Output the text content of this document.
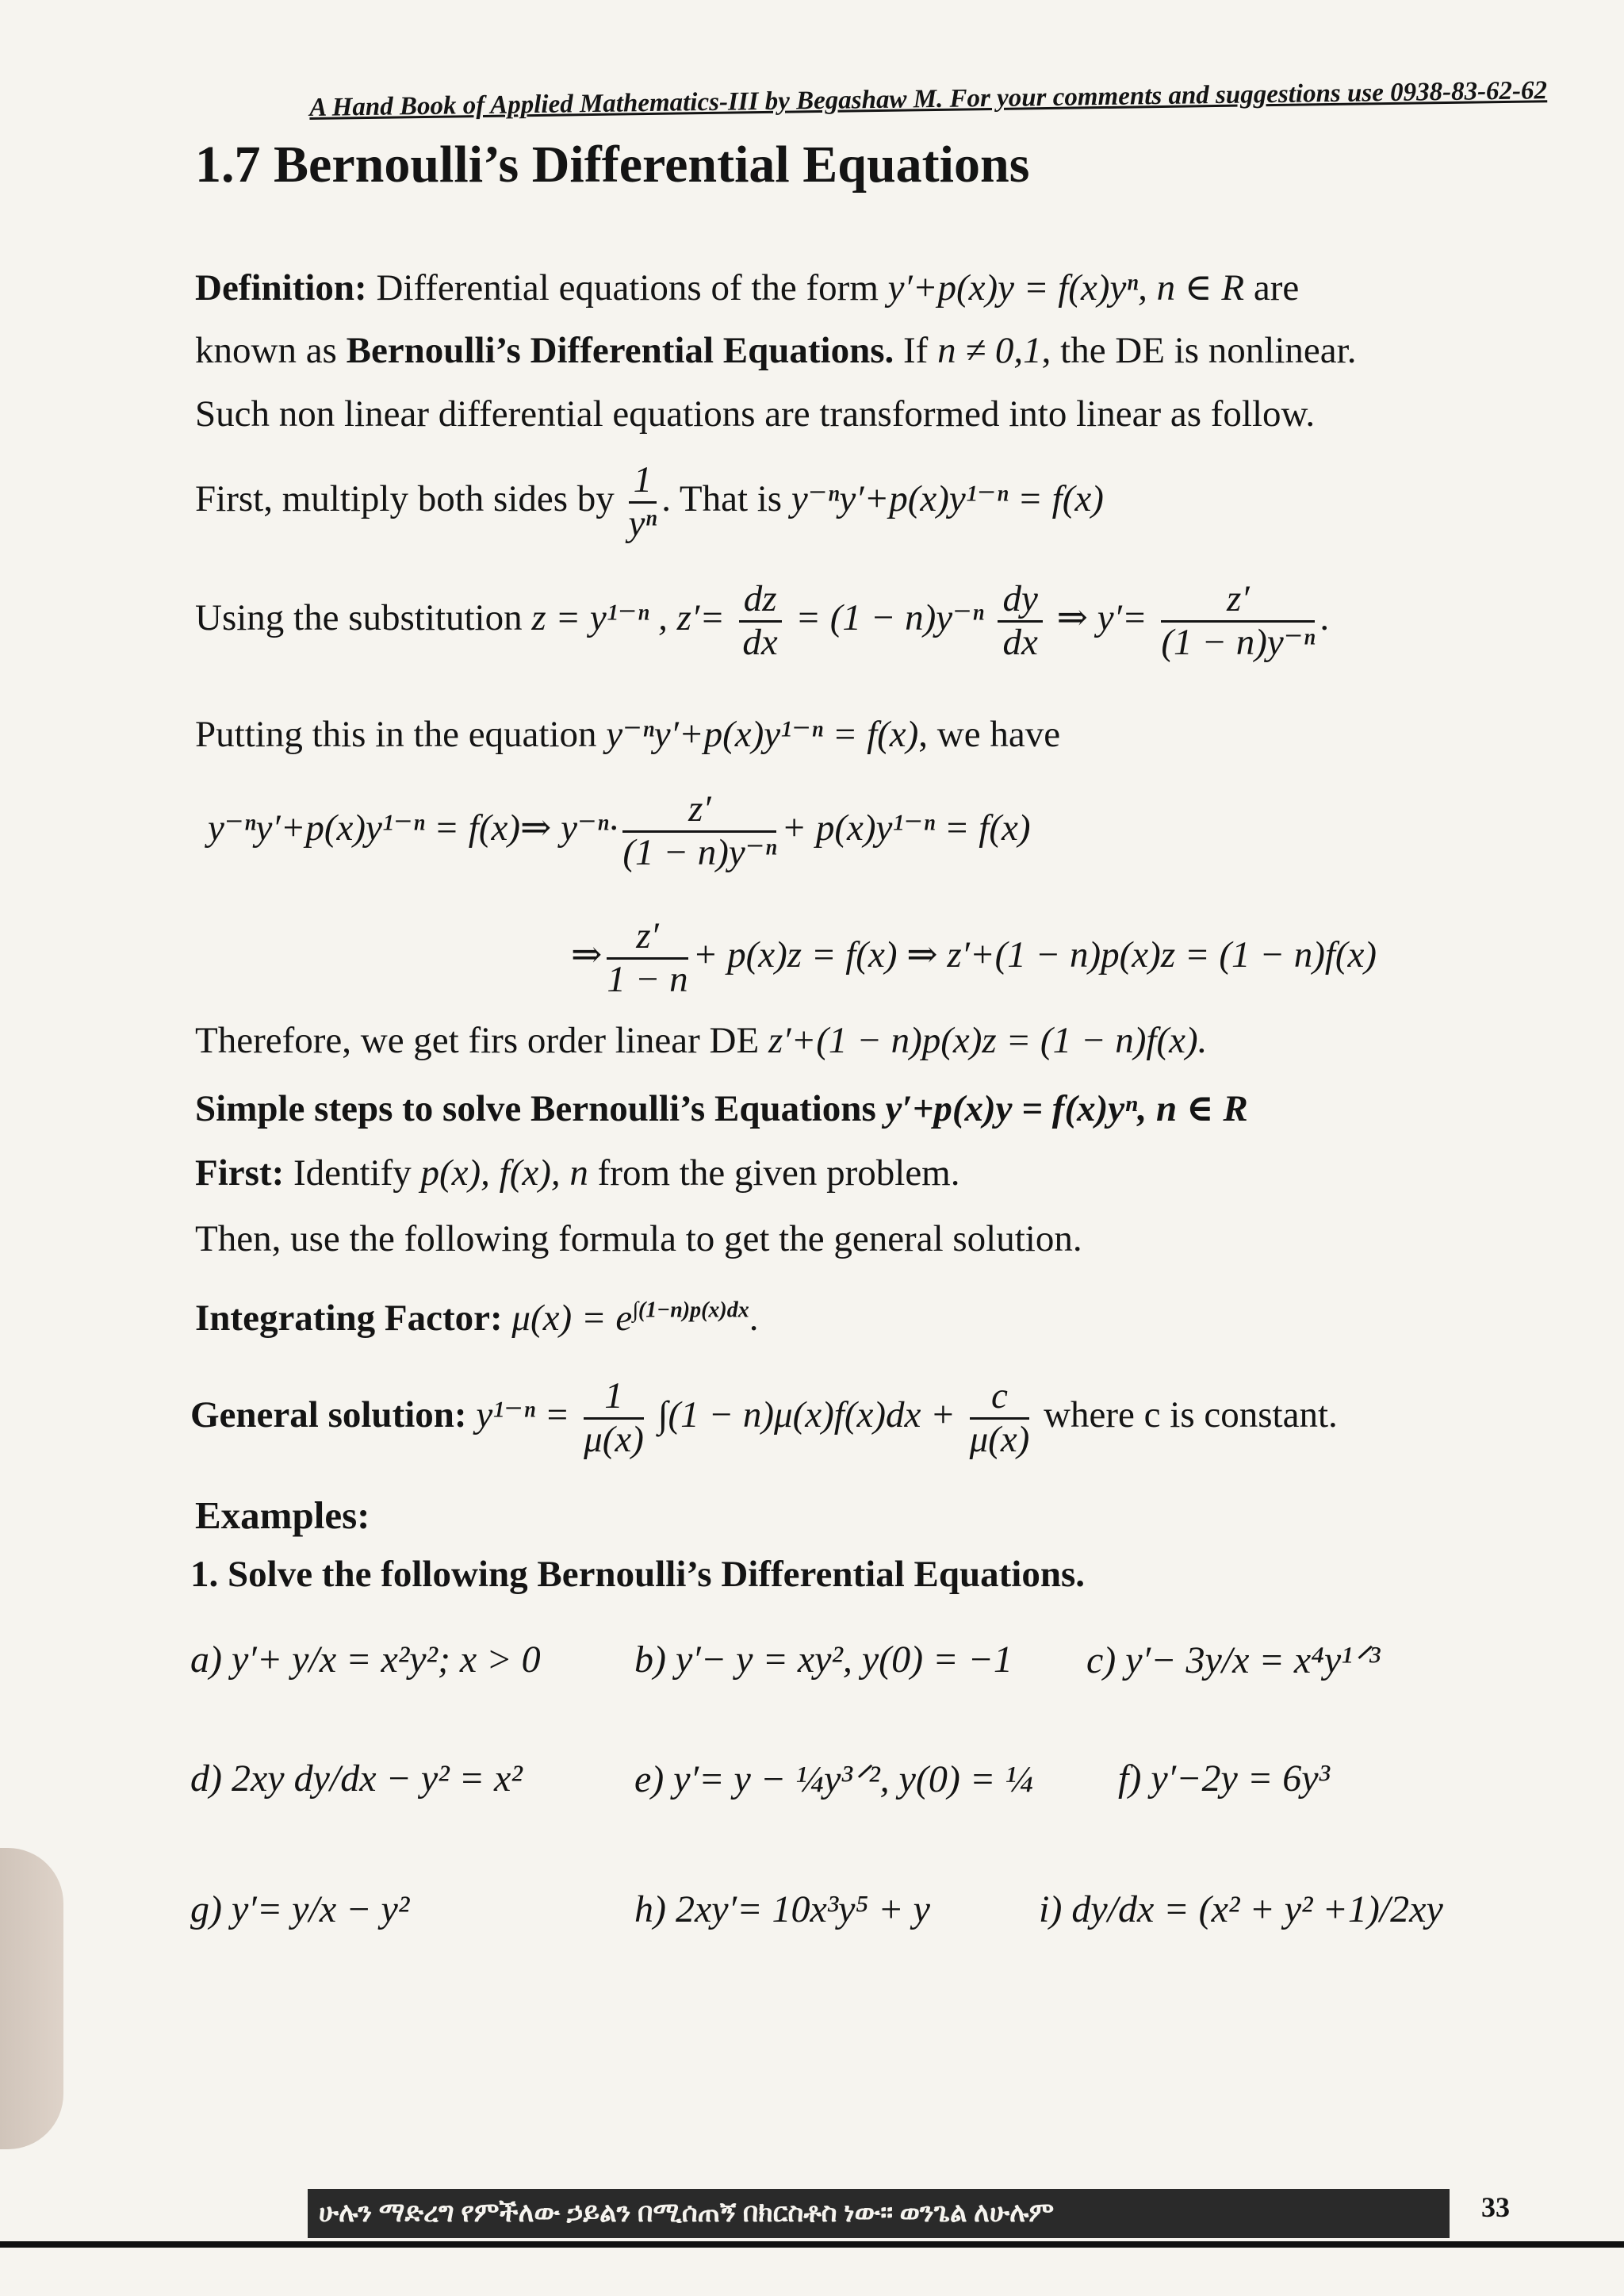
A Hand Book of Applied Mathematics-III by Begashaw M. For your comments and suggestions use 0938-83-62-62
1.7 Bernoulli’s Differential Equations
Definition: Differential equations of the form y′+p(x)y = f(x)yⁿ, n ∈ R are
known as Bernoulli’s Differential Equations. If n ≠ 0,1, the DE is nonlinear.
Such non linear differential equations are transformed into linear as follow.
First, multiply both sides by $\frac{1}{\text{yⁿ}}$ . That is y⁻ⁿy′+p(x)y¹⁻ⁿ = f(x)
Using the substitution z = y¹⁻ⁿ , $z'= \frac{dz}{dx} = (1 - n)y^{-n} \frac{dy}{dx}$ ⇒ $y'= \frac{z'}{\text{(1 − n)y⁻ⁿ}}$ .
Putting this in the equation y⁻ⁿy′+p(x)y¹⁻ⁿ = f(x), we have
y⁻ⁿy′+p(x)y¹⁻ⁿ = f(x)⇒ $y^{-n}\cdot \frac{z'}{\text{(1 − n)y⁻ⁿ}} + p(x)y^{1-n} = f(x)$
⇒ $\frac{z'}{1 - n} + p(x)z = f(x)$ ⇒ z′+(1 − n)p(x)z = (1 − n)f(x)
Therefore, we get firs order linear DE z′+(1 − n)p(x)z = (1 − n)f(x).
Simple steps to solve Bernoulli’s Equations y′+p(x)y = f(x)yⁿ, n ∈ R
First: Identify p(x), f(x), n from the given problem.
Then, use the following formula to get the general solution.
Integrating Factor: $\mu(x) = e^{\int(1-n)p(x)dx}$.
General solution: $y^{1-n} = \frac{1}{\mu(x)} \int(1 - n)\mu(x)f(x)dx + \frac{c}{\mu(x)}$ where c is constant.
Examples:
1. Solve the following Bernoulli’s Differential Equations.
a) y′+ y/x = x²y²; x > 0 b) y′− y = xy², y(0) = −1 c) y′− 3y/x = x⁴y¹ᐟ³
d) 2xy dy/dx − y² = x²	e) y′= y − ¼y³ᐟ², y(0) = ¼ f) y′−2y = 6y³
g) y′= y/x − y²	h) 2xy′= 10x³y⁵ + y	i) dy/dx = (x² + y² +1)/2xy
ሁሉን ማድረግ የምችለው ኃይልን በሚሰጠኝ በክርስቶስ ነው። ወንጌል ለሁሉም	33
